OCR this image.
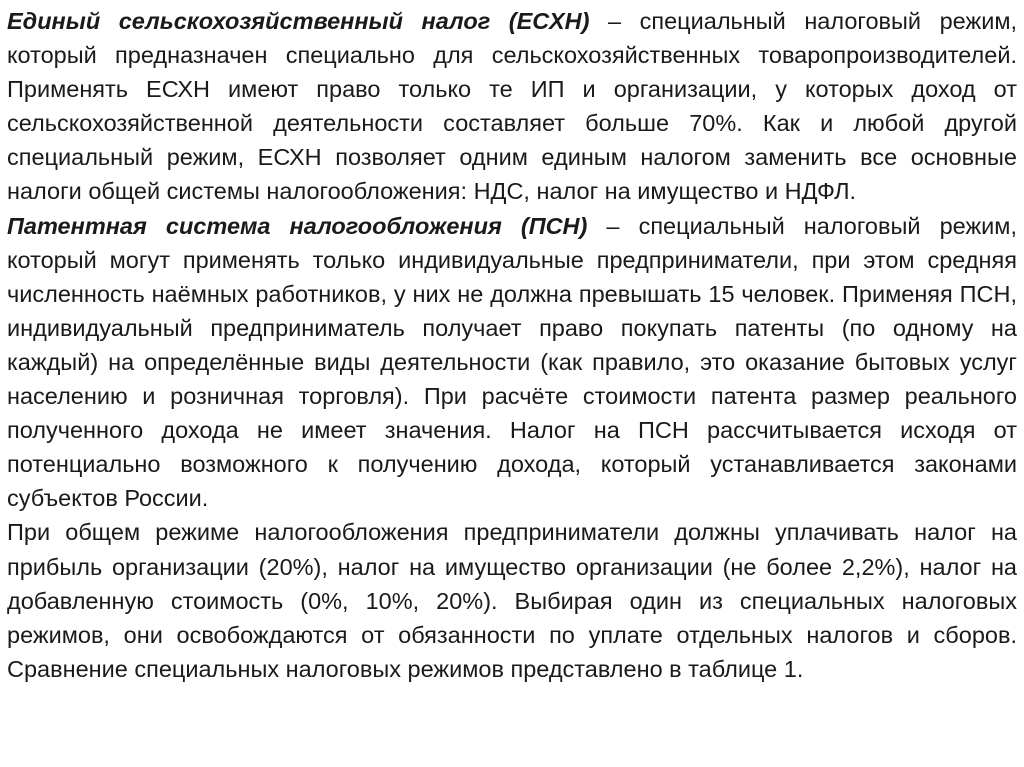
Единый сельскохозяйственный налог (ЕСХН) – специальный налоговый режим, который предназначен специально для сельскохозяйственных товаропроизводителей. Применять ЕСХН имеют право только те ИП и организации, у которых доход от сельскохозяйственной деятельности составляет больше 70%. Как и любой другой специальный режим, ЕСХН позволяет одним единым налогом заменить все основные налоги общей системы налогообложения: НДС, налог на имущество и НДФЛ.

Патентная система налогообложения (ПСН) – специальный налоговый режим, который могут применять только индивидуальные предприниматели, при этом средняя численность наёмных работников, у них не должна превышать 15 человек. Применяя ПСН, индивидуальный предприниматель получает право покупать патенты (по одному на каждый) на определённые виды деятельности (как правило, это оказание бытовых услуг населению и розничная торговля). При расчёте стоимости патента размер реального полученного дохода не имеет значения. Налог на ПСН рассчитывается исходя от потенциально возможного к получению дохода, который устанавливается законами субъектов России.

При общем режиме налогообложения предприниматели должны уплачивать налог на прибыль организации (20%), налог на имущество организации (не более 2,2%), налог на добавленную стоимость (0%, 10%, 20%). Выбирая один из специальных налоговых режимов, они освобождаются от обязанности по уплате отдельных налогов и сборов. Сравнение специальных налоговых режимов представлено в таблице 1.
